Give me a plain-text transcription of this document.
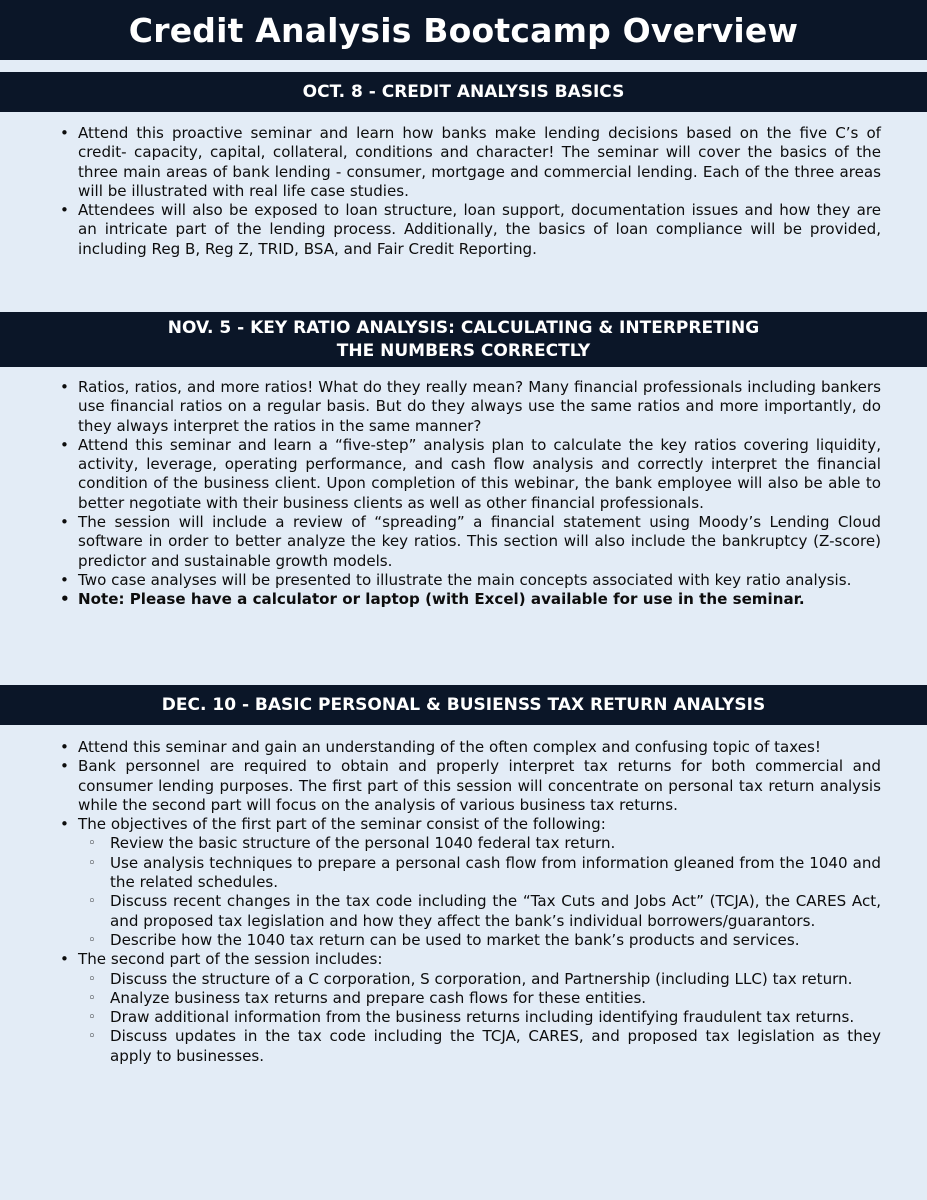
Credit Analysis Bootcamp Overview
OCT. 8 - CREDIT ANALYSIS BASICS
• Attend this proactive seminar and learn how banks make lending decisions based on the five C’s of credit- capacity, capital, collateral, conditions and character! The seminar will cover the basics of the three main areas of bank lending - consumer, mortgage and commercial lending. Each of the three areas will be illustrated with real life case studies.
• Attendees will also be exposed to loan structure, loan support, documentation issues and how they are an intricate part of the lending process. Additionally, the basics of loan compliance will be provided, including Reg B, Reg Z, TRID, BSA, and Fair Credit Reporting.
NOV. 5 - KEY RATIO ANALYSIS: CALCULATING & INTERPRETING
THE NUMBERS CORRECTLY
• Ratios, ratios, and more ratios! What do they really mean? Many financial professionals including bankers use financial ratios on a regular basis. But do they always use the same ratios and more importantly, do they always interpret the ratios in the same manner?
• Attend this seminar and learn a “five-step” analysis plan to calculate the key ratios covering liquidity, activity, leverage, operating performance, and cash flow analysis and correctly interpret the financial condition of the business client. Upon completion of this webinar, the bank employee will also be able to better negotiate with their business clients as well as other financial professionals.
• The session will include a review of “spreading” a financial statement using Moody’s Lending Cloud software in order to better analyze the key ratios. This section will also include the bankruptcy (Z-score) predictor and sustainable growth models.
• Two case analyses will be presented to illustrate the main concepts associated with key ratio analysis.
• Note: Please have a calculator or laptop (with Excel) available for use in the seminar.
DEC. 10 - BASIC PERSONAL & BUSIENSS TAX RETURN ANALYSIS
• Attend this seminar and gain an understanding of the often complex and confusing topic of taxes!
• Bank personnel are required to obtain and properly interpret tax returns for both commercial and consumer lending purposes. The first part of this session will concentrate on personal tax return analysis while the second part will focus on the analysis of various business tax returns.
• The objectives of the first part of the seminar consist of the following:
◦ Review the basic structure of the personal 1040 federal tax return.
◦ Use analysis techniques to prepare a personal cash flow from information gleaned from the 1040 and the related schedules.
◦ Discuss recent changes in the tax code including the “Tax Cuts and Jobs Act” (TCJA), the CARES Act, and proposed tax legislation and how they affect the bank’s individual borrowers/guarantors.
◦ Describe how the 1040 tax return can be used to market the bank’s products and services.
• The second part of the session includes:
◦ Discuss the structure of a C corporation, S corporation, and Partnership (including LLC) tax return.
◦ Analyze business tax returns and prepare cash flows for these entities.
◦ Draw additional information from the business returns including identifying fraudulent tax returns.
◦ Discuss updates in the tax code including the TCJA, CARES, and proposed tax legislation as they apply to businesses.
